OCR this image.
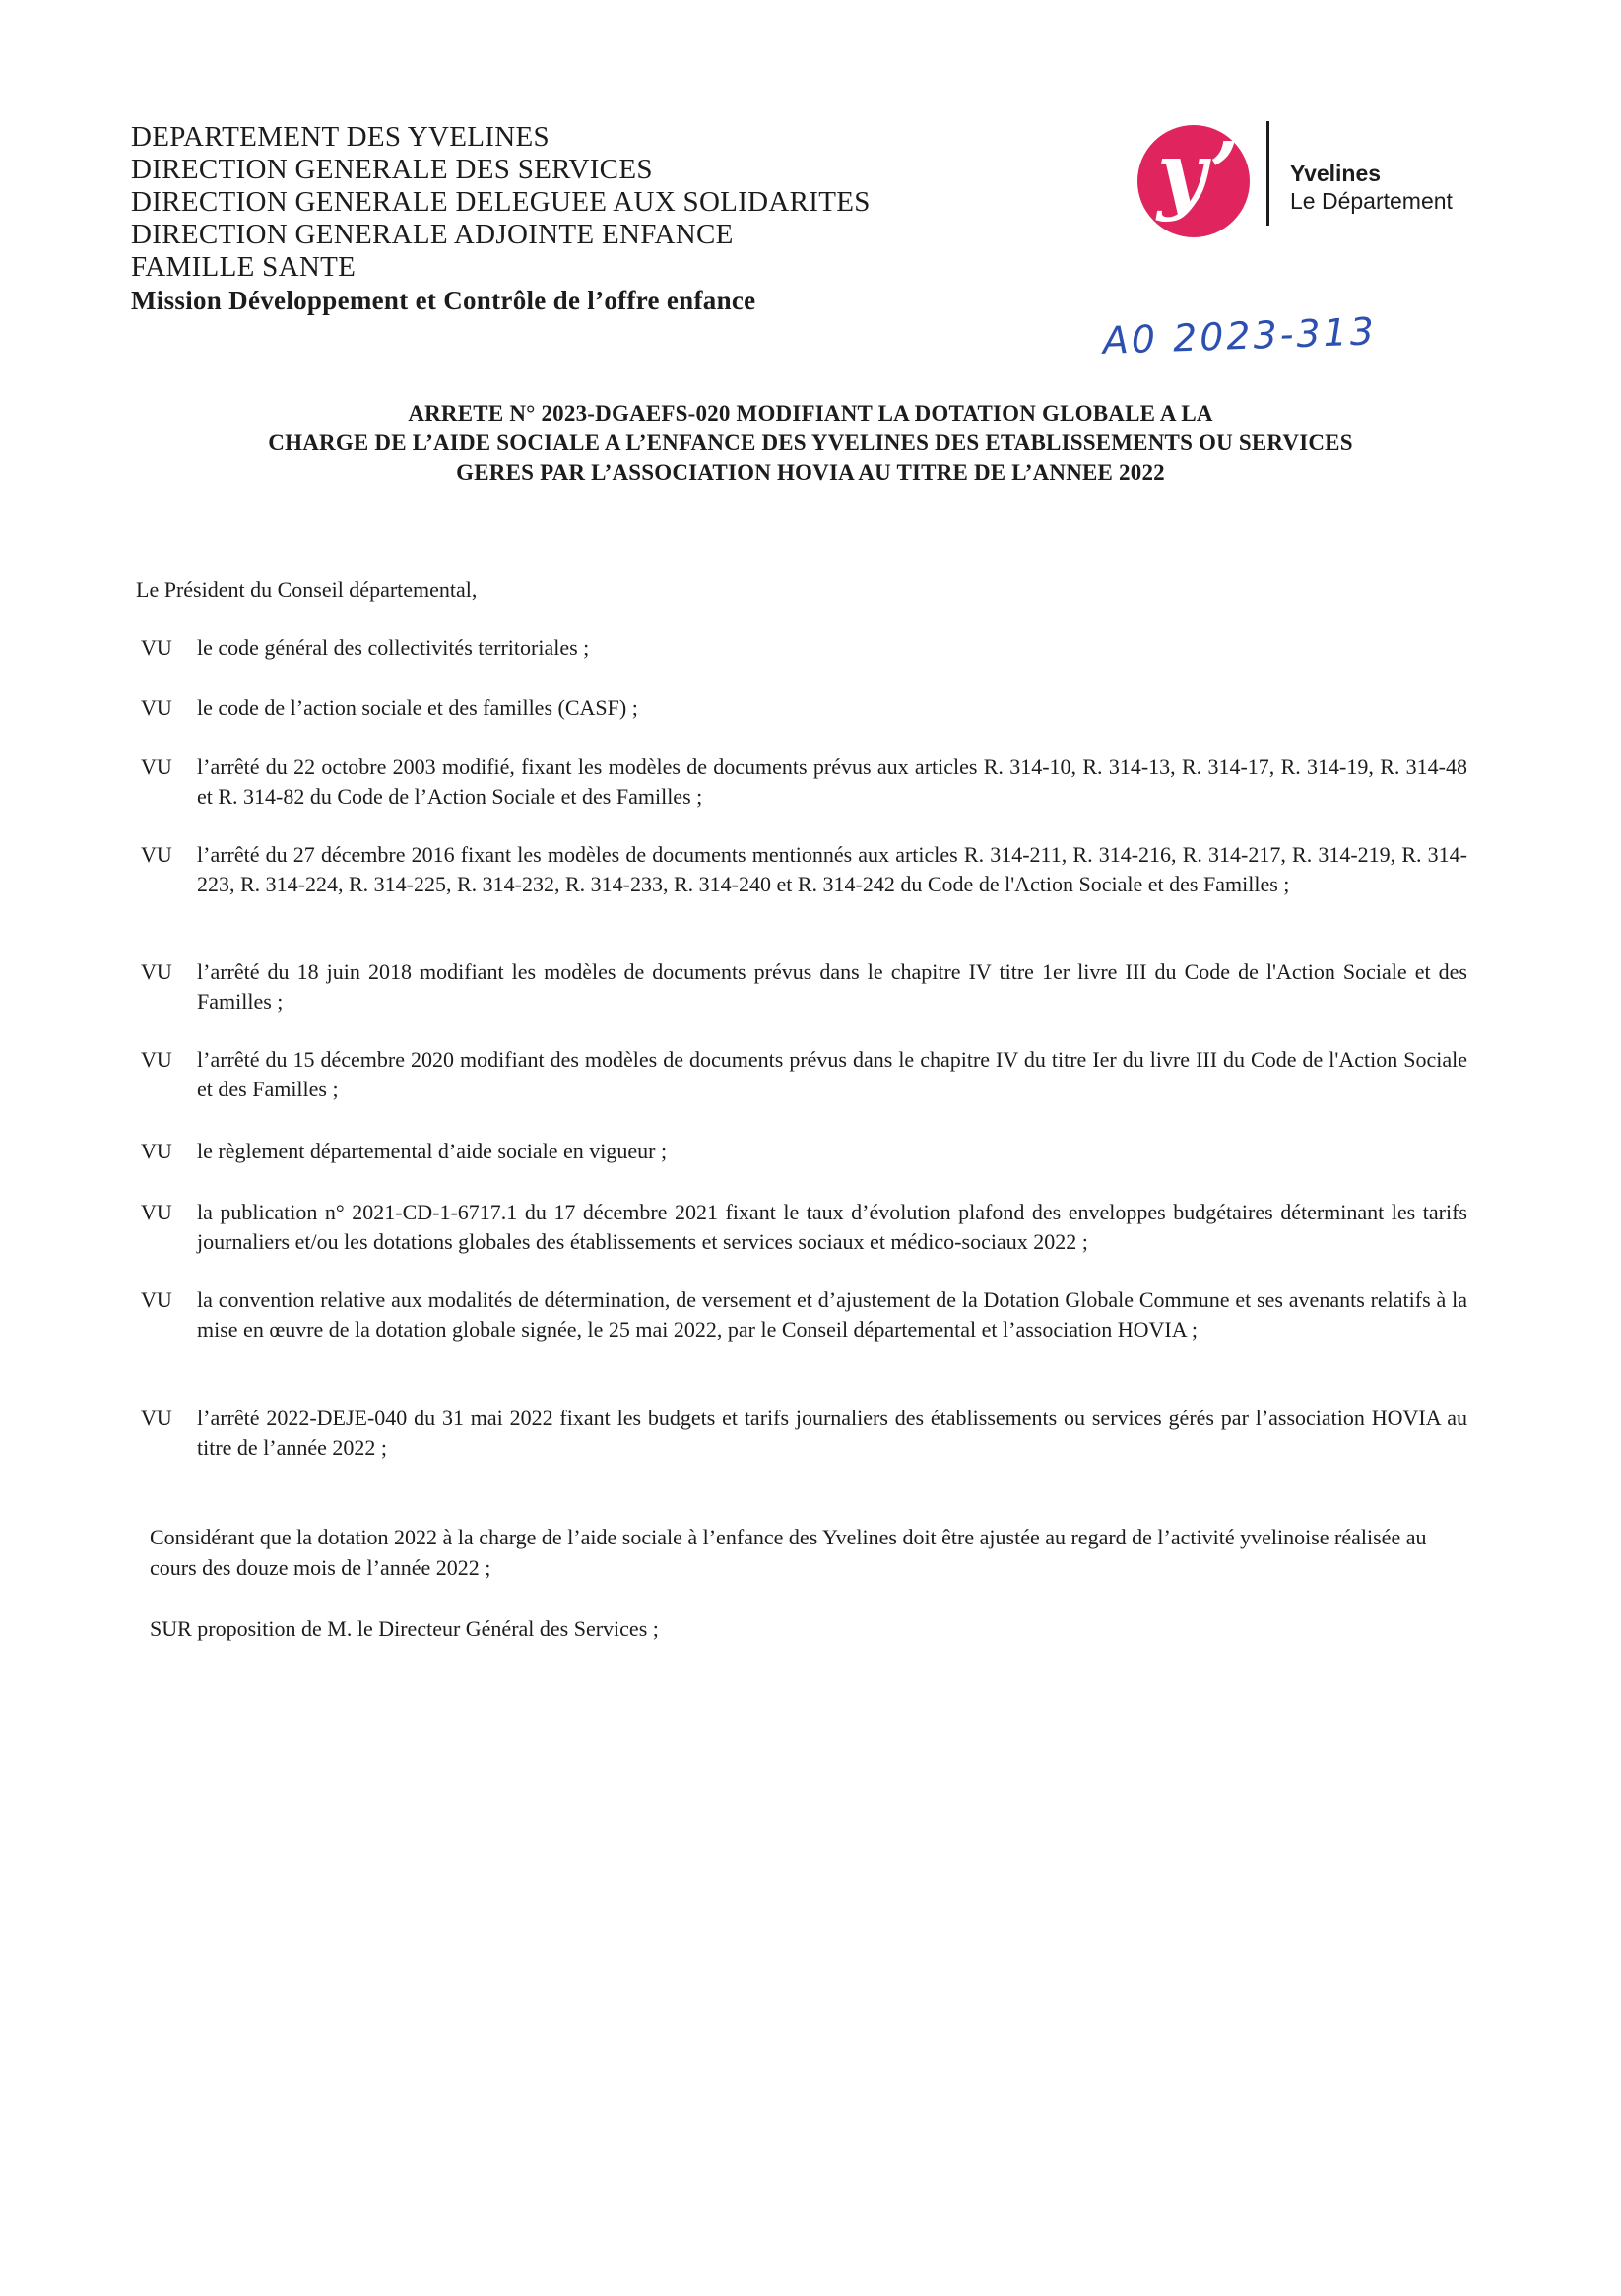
DEPARTEMENT DES YVELINES
DIRECTION GENERALE DES SERVICES
DIRECTION GENERALE DELEGUEE AUX SOLIDARITES
DIRECTION GENERALE ADJOINTE ENFANCE
FAMILLE SANTE
Mission Développement et Contrôle de l’offre enfance
y’ Yvelines
Le Département
A0 2023-313
ARRETE N° 2023-DGAEFS-020 MODIFIANT LA DOTATION GLOBALE A LA
CHARGE DE L’AIDE SOCIALE A L’ENFANCE DES YVELINES DES ETABLISSEMENTS OU SERVICES
GERES PAR L’ASSOCIATION HOVIA AU TITRE DE L’ANNEE 2022
Le Président du Conseil départemental,
VU le code général des collectivités territoriales ;
VU le code de l’action sociale et des familles (CASF) ;
VU l’arrêté du 22 octobre 2003 modifié, fixant les modèles de documents prévus aux articles R. 314-10, R. 314-13, R. 314-17, R. 314-19, R. 314-48 et R. 314-82 du Code de l’Action Sociale et des Familles ;
VU l’arrêté du 27 décembre 2016 fixant les modèles de documents mentionnés aux articles R. 314-211, R. 314-216, R. 314-217, R. 314-219, R. 314-223, R. 314-224, R. 314-225, R. 314-232, R. 314-233, R. 314-240 et R. 314-242 du Code de l'Action Sociale et des Familles ;
VU l’arrêté du 18 juin 2018 modifiant les modèles de documents prévus dans le chapitre IV titre 1er livre III du Code de l'Action Sociale et des Familles ;
VU l’arrêté du 15 décembre 2020 modifiant des modèles de documents prévus dans le chapitre IV du titre Ier du livre III du Code de l'Action Sociale et des Familles ;
VU le règlement départemental d’aide sociale en vigueur ;
VU la publication n° 2021-CD-1-6717.1 du 17 décembre 2021 fixant le taux d’évolution plafond des enveloppes budgétaires déterminant les tarifs journaliers et/ou les dotations globales des établissements et services sociaux et médico-sociaux 2022 ;
VU la convention relative aux modalités de détermination, de versement et d’ajustement de la Dotation Globale Commune et ses avenants relatifs à la mise en œuvre de la dotation globale signée, le 25 mai 2022, par le Conseil départemental et l’association HOVIA ;
VU l’arrêté 2022-DEJE-040 du 31 mai 2022 fixant les budgets et tarifs journaliers des établissements ou services gérés par l’association HOVIA au titre de l’année 2022 ;
Considérant que la dotation 2022 à la charge de l’aide sociale à l’enfance des Yvelines doit être ajustée au regard de l’activité yvelinoise réalisée au cours des douze mois de l’année 2022 ;
SUR proposition de M. le Directeur Général des Services ;
